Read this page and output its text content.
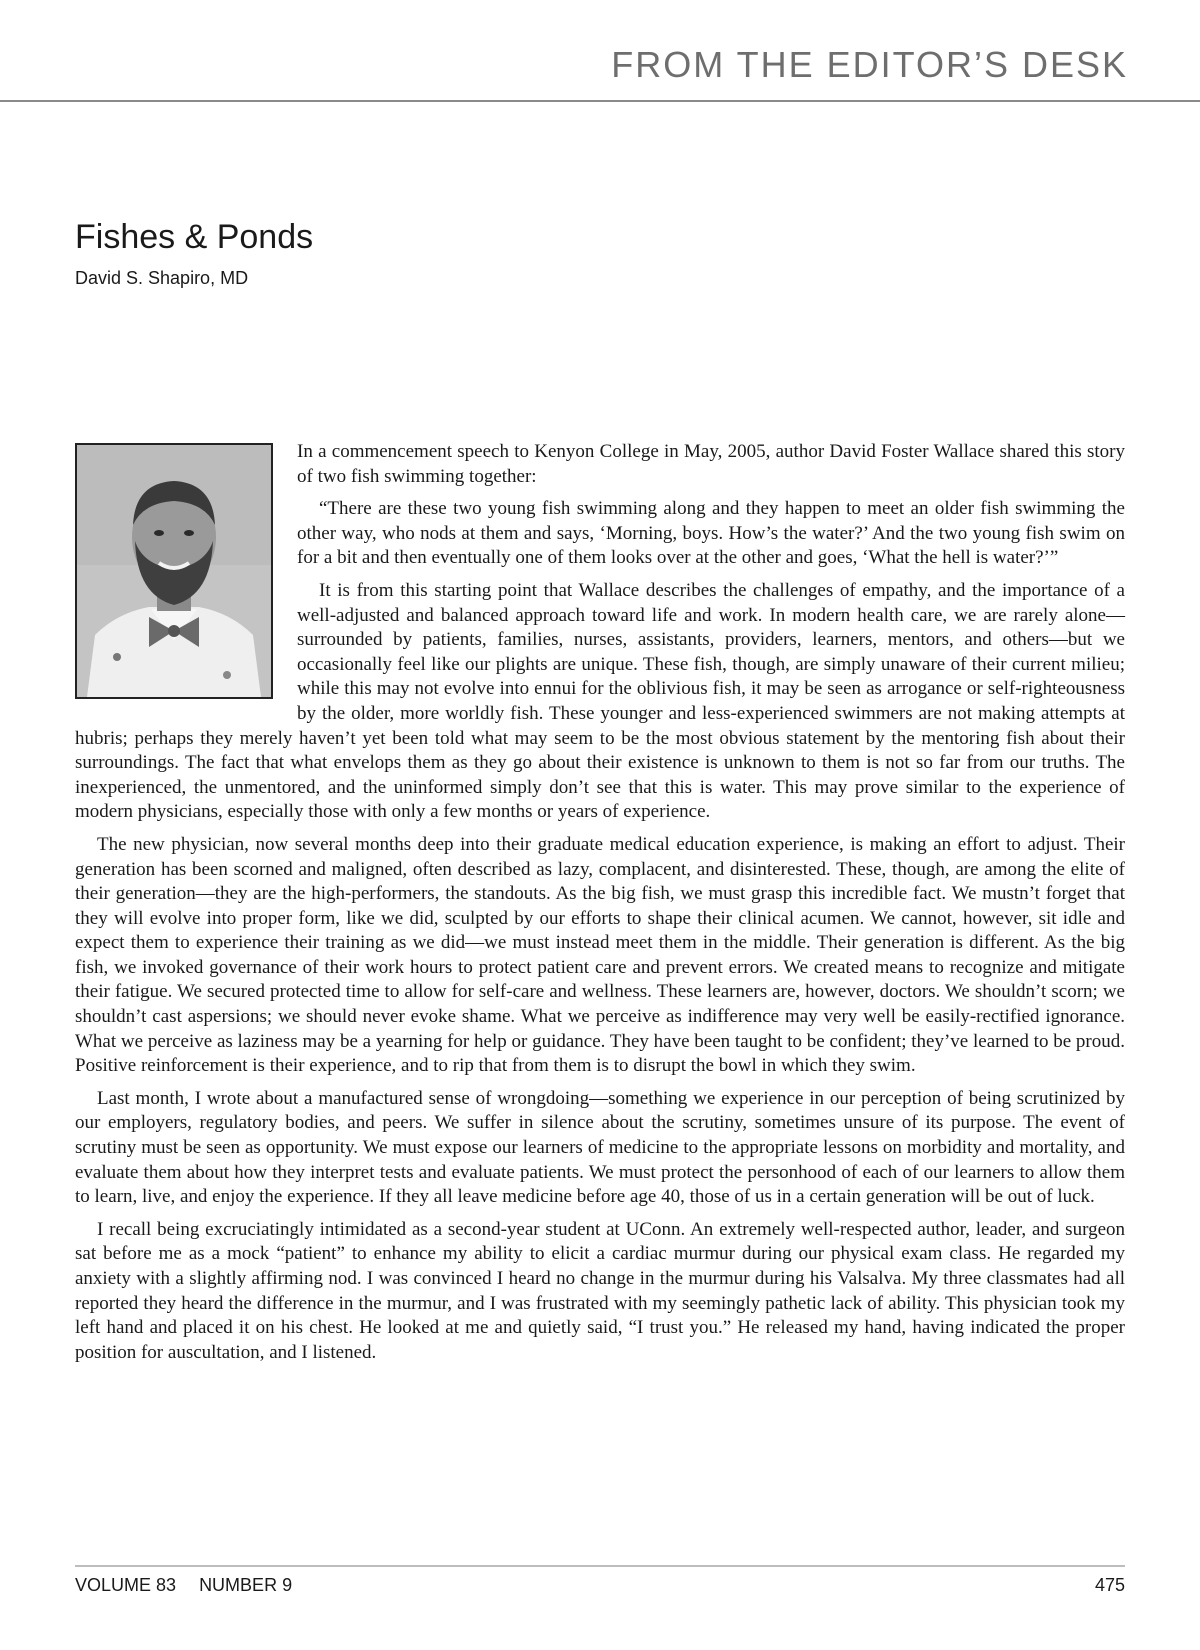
FROM THE EDITOR’S DESK
Fishes & Ponds
David S. Shapiro, MD

In a commencement speech to Kenyon College in May, 2005, author David Foster Wallace shared this story of two fish swimming together:

“There are these two young fish swimming along and they happen to meet an older fish swimming the other way, who nods at them and says, ‘Morning, boys. How’s the water?’ And the two young fish swim on for a bit and then eventually one of them looks over at the other and goes, ‘What the hell is water?’”

It is from this starting point that Wallace describes the challenges of empathy, and the importance of a well-adjusted and balanced approach toward life and work. In modern health care, we are rarely alone—surrounded by patients, families, nurses, assistants, providers, learners, mentors, and others—but we occasionally feel like our plights are unique. These fish, though, are simply unaware of their current milieu; while this may not evolve into ennui for the oblivious fish, it may be seen as arrogance or self-righteousness by the older, more worldly fish. These younger and less-experienced swimmers are not making attempts at hubris; perhaps they merely haven’t yet been told what may seem to be the most obvious statement by the mentoring fish about their surroundings. The fact that what envelops them as they go about their existence is unknown to them is not so far from our truths. The inexperienced, the unmentored, and the uninformed simply don’t see that this is water. This may prove similar to the experience of modern physicians, especially those with only a few months or years of experience.

The new physician, now several months deep into their graduate medical education experience, is making an effort to adjust. Their generation has been scorned and maligned, often described as lazy, complacent, and disinterested. These, though, are among the elite of their generation—they are the high-performers, the standouts. As the big fish, we must grasp this incredible fact. We mustn’t forget that they will evolve into proper form, like we did, sculpted by our efforts to shape their clinical acumen. We cannot, however, sit idle and expect them to experience their training as we did—we must instead meet them in the middle. Their generation is different. As the big fish, we invoked governance of their work hours to protect patient care and prevent errors. We created means to recognize and mitigate their fatigue. We secured protected time to allow for self-care and wellness. These learners are, however, doctors. We shouldn’t scorn; we shouldn’t cast aspersions; we should never evoke shame. What we perceive as indifference may very well be easily-rectified ignorance. What we perceive as laziness may be a yearning for help or guidance. They have been taught to be confident; they’ve learned to be proud. Positive reinforcement is their experience, and to rip that from them is to disrupt the bowl in which they swim.

Last month, I wrote about a manufactured sense of wrongdoing—something we experience in our perception of being scrutinized by our employers, regulatory bodies, and peers. We suffer in silence about the scrutiny, sometimes unsure of its purpose. The event of scrutiny must be seen as opportunity. We must expose our learners of medicine to the appropriate lessons on morbidity and mortality, and evaluate them about how they interpret tests and evaluate patients. We must protect the personhood of each of our learners to allow them to learn, live, and enjoy the experience. If they all leave medicine before age 40, those of us in a certain generation will be out of luck.

I recall being excruciatingly intimidated as a second-year student at UConn. An extremely well-respected author, leader, and surgeon sat before me as a mock “patient” to enhance my ability to elicit a cardiac murmur during our physical exam class. He regarded my anxiety with a slightly affirming nod. I was convinced I heard no change in the murmur during his Valsalva. My three classmates had all reported they heard the difference in the murmur, and I was frustrated with my seemingly pathetic lack of ability. This physician took my left hand and placed it on his chest. He looked at me and quietly said, “I trust you.” He released my hand, having indicated the proper position for auscultation, and I listened.

VOLUME 83 NUMBER 9	475
